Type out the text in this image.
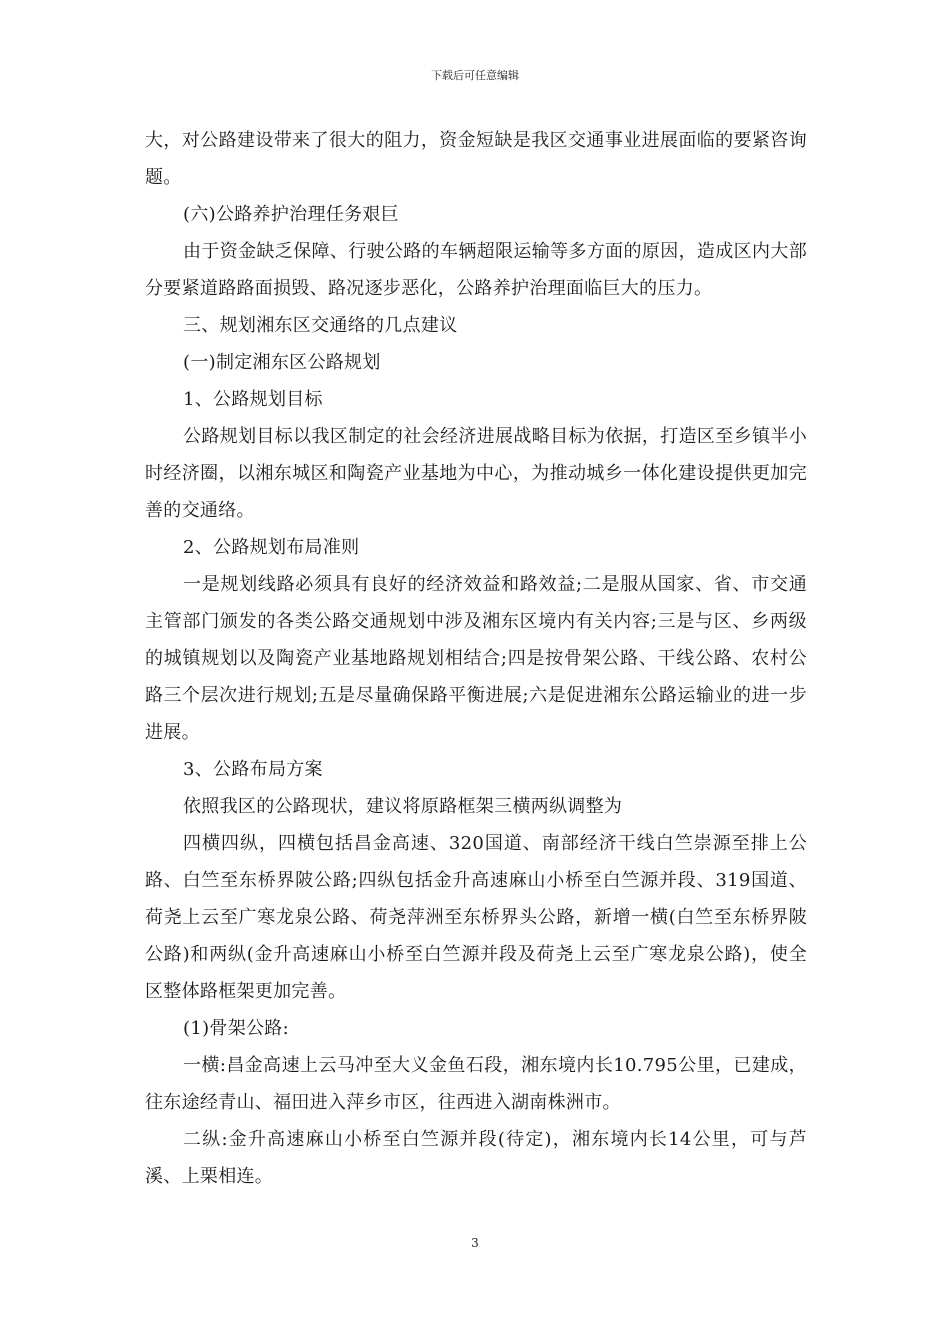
下载后可任意编辑

大，对公路建设带来了很大的阻力，资金短缺是我区交通事业进展面临的要紧咨询题。

(六)公路养护治理任务艰巨

由于资金缺乏保障、行驶公路的车辆超限运输等多方面的原因，造成区内大部分要紧道路路面损毁、路况逐步恶化，公路养护治理面临巨大的压力。

三、规划湘东区交通络的几点建议

(一)制定湘东区公路规划

1、公路规划目标

公路规划目标以我区制定的社会经济进展战略目标为依据，打造区至乡镇半小时经济圈，以湘东城区和陶瓷产业基地为中心，为推动城乡一体化建设提供更加完善的交通络。

2、公路规划布局准则

一是规划线路必须具有良好的经济效益和路效益;二是服从国家、省、市交通主管部门颁发的各类公路交通规划中涉及湘东区境内有关内容;三是与区、乡两级的城镇规划以及陶瓷产业基地路规划相结合;四是按骨架公路、干线公路、农村公路三个层次进行规划;五是尽量确保路平衡进展;六是促进湘东公路运输业的进一步进展。

3、公路布局方案

依照我区的公路现状，建议将原路框架三横两纵调整为

四横四纵，四横包括昌金高速、320国道、南部经济干线白竺崇源至排上公路、白竺至东桥界陂公路;四纵包括金升高速麻山小桥至白竺源并段、319国道、荷尧上云至广寒龙泉公路、荷尧萍洲至东桥界头公路，新增一横(白竺至东桥界陂公路)和两纵(金升高速麻山小桥至白竺源并段及荷尧上云至广寒龙泉公路)，使全区整体路框架更加完善。

(1)骨架公路:

一横:昌金高速上云马冲至大义金鱼石段，湘东境内长10.795公里，已建成，往东途经青山、福田进入萍乡市区，往西进入湖南株洲市。

二纵:金升高速麻山小桥至白竺源并段(待定)，湘东境内长14公里，可与芦溪、上栗相连。

3
